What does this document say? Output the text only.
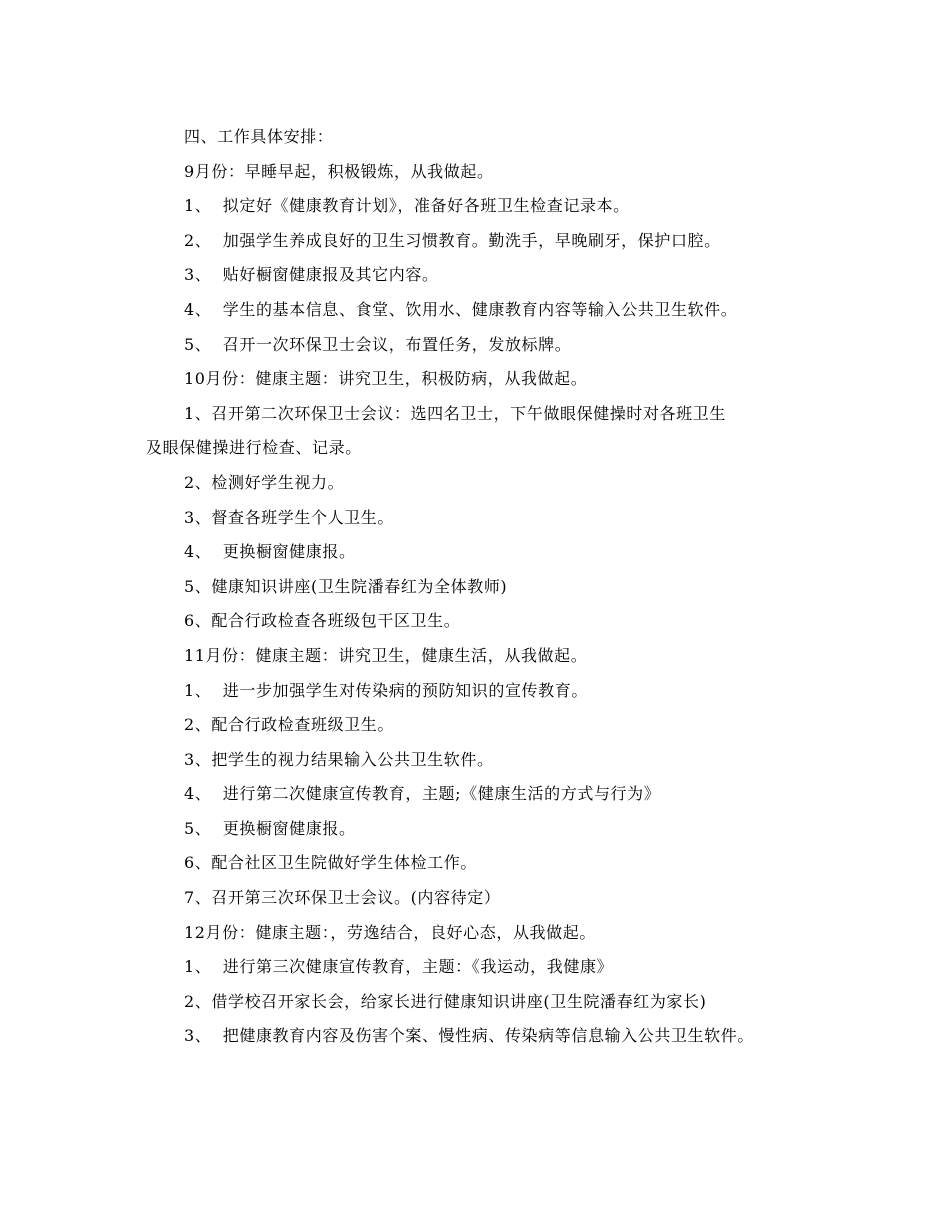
四、工作具体安排：
9月份：早睡早起，积极锻炼，从我做起。
1、  拟定好《健康教育计划》，准备好各班卫生检查记录本。
2、  加强学生养成良好的卫生习惯教育。勤洗手，早晚刷牙，保护口腔。
3、  贴好橱窗健康报及其它内容。
4、  学生的基本信息、食堂、饮用水、健康教育内容等输入公共卫生软件。
5、  召开一次环保卫士会议，布置任务，发放标牌。
10月份：健康主题：讲究卫生，积极防病，从我做起。
1、召开第二次环保卫士会议：选四名卫士，下午做眼保健操时对各班卫生
及眼保健操进行检查、记录。
2、检测好学生视力。
3、督查各班学生个人卫生。
4、  更换橱窗健康报。
5、健康知识讲座(卫生院潘春红为全体教师)
6、配合行政检查各班级包干区卫生。
11月份：健康主题：讲究卫生，健康生活，从我做起。
1、  进一步加强学生对传染病的预防知识的宣传教育。
2、配合行政检查班级卫生。
3、把学生的视力结果输入公共卫生软件。
4、  进行第二次健康宣传教育，主题;《健康生活的方式与行为》
5、  更换橱窗健康报。
6、配合社区卫生院做好学生体检工作。
7、召开第三次环保卫士会议。(内容待定）
12月份：健康主题：，劳逸结合，良好心态，从我做起。
1、  进行第三次健康宣传教育，主题：《我运动，我健康》
2、借学校召开家长会，给家长进行健康知识讲座(卫生院潘春红为家长)
3、  把健康教育内容及伤害个案、慢性病、传染病等信息输入公共卫生软件。
